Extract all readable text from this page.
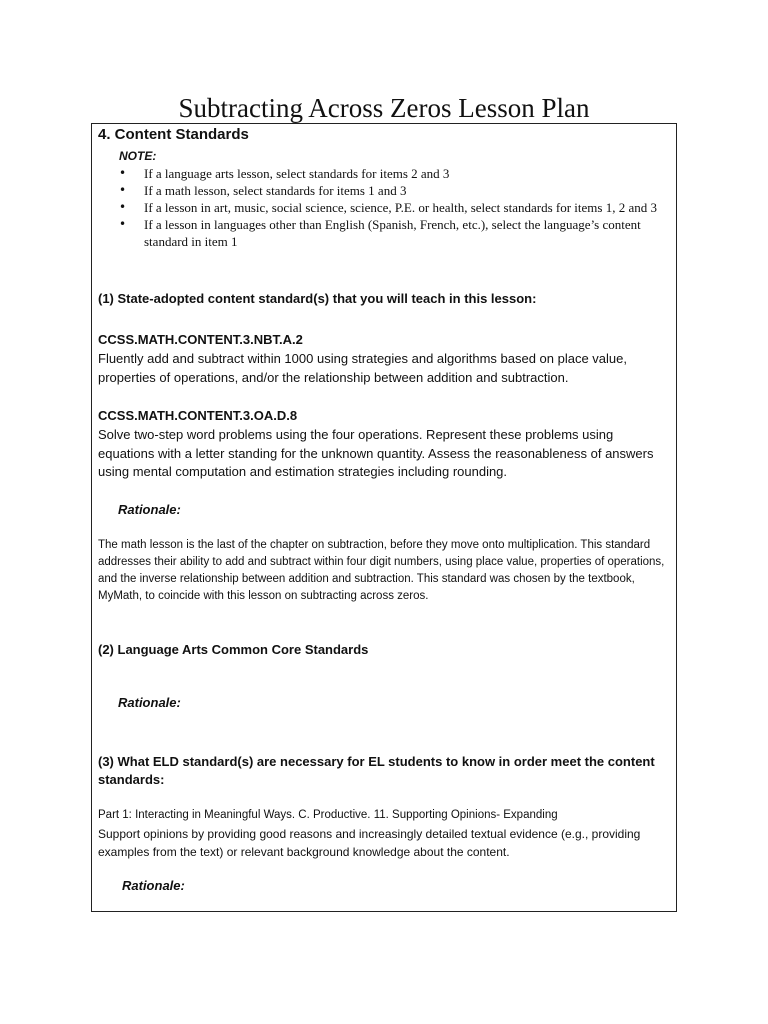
Subtracting Across Zeros Lesson Plan

4. Content Standards

NOTE:

• If a language arts lesson, select standards for items 2 and 3
• If a math lesson, select standards for items 1 and 3
• If a lesson in art, music, social science, science, P.E. or health, select standards for items 1, 2 and 3
• If a lesson in languages other than English (Spanish, French, etc.), select the language’s content standard in item 1

(1) State-adopted content standard(s) that you will teach in this lesson:

CCSS.MATH.CONTENT.3.NBT.A.2

Fluently add and subtract within 1000 using strategies and algorithms based on place value, properties of operations, and/or the relationship between addition and subtraction.

CCSS.MATH.CONTENT.3.OA.D.8

Solve two-step word problems using the four operations. Represent these problems using equations with a letter standing for the unknown quantity. Assess the reasonableness of answers using mental computation and estimation strategies including rounding.

Rationale:

The math lesson is the last of the chapter on subtraction, before they move onto multiplication. This standard addresses their ability to add and subtract within four digit numbers, using place value, properties of operations, and the inverse relationship between addition and subtraction. This standard was chosen by the textbook, MyMath, to coincide with this lesson on subtracting across zeros.

(2) Language Arts Common Core Standards

Rationale:

(3) What ELD standard(s) are necessary for EL students to know in order meet the content standards:

Part 1: Interacting in Meaningful Ways. C. Productive. 11. Supporting Opinions- Expanding

Support opinions by providing good reasons and increasingly detailed textual evidence (e.g., providing examples from the text) or relevant background knowledge about the content.

Rationale:
